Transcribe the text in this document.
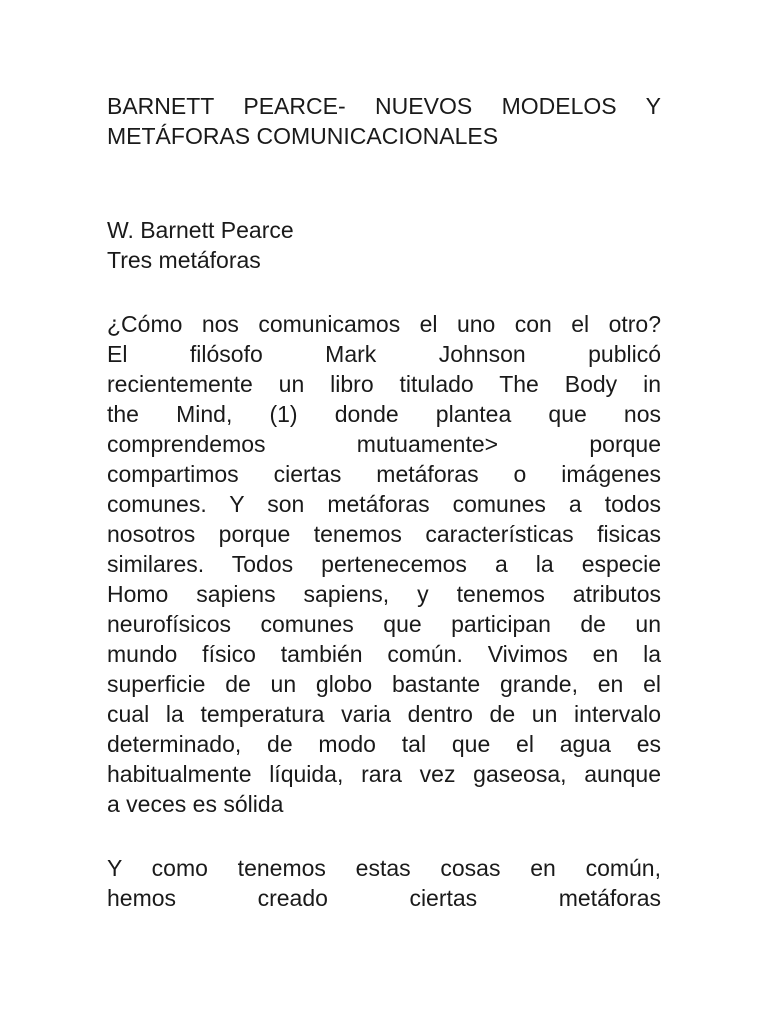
BARNETT PEARCE- NUEVOS MODELOS Y
METÁFORAS COMUNICACIONALES
W. Barnett Pearce
Tres metáforas
¿Cómo nos comunicamos el uno con el otro?
El filósofo Mark Johnson publicó
recientemente un libro titulado The Body in
the Mind, (1) donde plantea que nos
comprendemos mutuamente> porque
compartimos ciertas metáforas o imágenes
comunes. Y son metáforas comunes a todos
nosotros porque tenemos características fisicas
similares. Todos pertenecemos a la especie
Homo sapiens sapiens, y tenemos atributos
neurofísicos comunes que participan de un
mundo físico también común. Vivimos en la
superficie de un globo bastante grande, en el
cual la temperatura varia dentro de un intervalo
determinado, de modo tal que el agua es
habitualmente líquida, rara vez gaseosa, aunque
a veces es sólida
Y como tenemos estas cosas en común,
hemos creado ciertas metáforas
